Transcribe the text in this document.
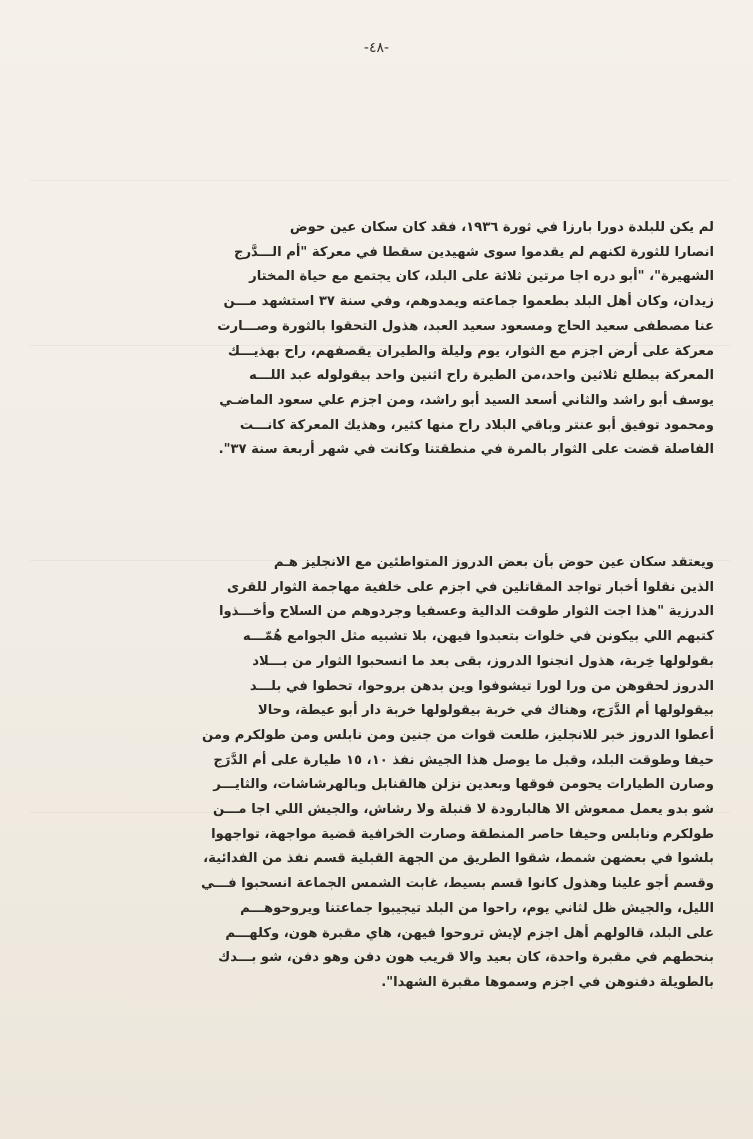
-٤٨-
لم يكن للبلدة دورا بارزا في ثورة ١٩٣٦، فقد كان سكان عين حوض
انصارا للثورة لكنهم لم يقدموا سوى شهيدين سقطا في معركة "أم الـــدَّرج
الشهيرة"، "أبو دره اجا مرتين ثلاثة على البلد، كان يجتمع مع حياة المختار
زيدان، وكان أهل البلد بطعموا جماعته ويمدوهم، وفي سنة ٣٧ استشهد مـــن
عنا مصطفى سعيد الحاج ومسعود سعيد العبد، هذول التحقوا بالثورة وصـــارت
معركة على أرض اجزم مع الثوار، يوم وليلة والطيران يقصفهم، راح بهذيـــك
المعركة بيطلع ثلاثين واحد،من الطيرة راح اثنين واحد بيقولوله عبد اللـــه
يوسف أبو راشد والثاني أسعد السيد أبو راشد، ومن اجزم علي سعود الماضـي
ومحمود توفيق أبو عنتر وباقي البلاد راح منها كثير، وهذيك المعركة كانـــت
الفاصلة قضت على الثوار بالمرة في منطقتنا وكانت في شهر أربعة سنة ٣٧".
ويعتقد سكان عين حوض بأن بعض الدروز المتواطئين مع الانجليز هـم
الذين نقلوا أخبار تواجد المقاتلين في اجزم على خلفية مهاجمة الثوار للقرى
الدرزية "هذا اجت الثوار طوقت الدالية وعسفيا وجردوهم من السلاح وأخـــذوا
كتبهم اللي بيكونن في خلوات بتعبدوا فيهن، بلا تشبيه مثل الجوامع هُمّـــه
بقولولها خِربة، هذول انجنوا الدروز، بقى بعد ما انسحبوا الثوار من بـــلاد
الدروز لحقوهن من ورا لورا تيشوفوا وين بدهن بروحوا، تحطوا في بلـــد
بيقولولها أم الدَّرَج، وهناك في خربة بيقولولها خربة دار أبو عيطة، وحالا
أعطوا الدروز خبر للانجليز، طلعت قوات من جنين ومن نابلس ومن طولكرم ومن
حيفا وطوقت البلد، وقبل ما يوصل هذا الجيش نفذ ١٠، ١٥ طيارة على أم الدَّرَج
وصارن الطيارات يحومن فوقها وبعدين نزلن هالقنابل وبالهرشاشات، والثايـــر
شو بدو يعمل ممعوش الا هالبارودة لا قنبلة ولا رشاش، والجيش اللي اجا مـــن
طولكرم ونابلس وحيفا حاصر المنطقة وصارت الخرافية قضية مواجهة، تواجهوا
بلشوا في بعضهن شمط، شقوا الطريق من الجهة القبلية قسم نفذ من الفدائية،
وقسم أجو علينا وهذول كانوا قسم بسيط، غابت الشمس الجماعة انسحبوا فـــي
الليل، والجيش ظل لثاني يوم، راحوا من البلد تيجيبوا جماعتنا ويروحوهـــم
على البلد، قالولهم أهل اجزم لإيش تروحوا فيهن، هاي مقبرة هون، وكلهـــم
بنحطهم في مقبرة واحدة، كان بعيد والا قريب هون دفن وهو دفن، شو بـــدك
بالطويلة دفنوهن في اجزم وسموها مقبرة الشهدا".
